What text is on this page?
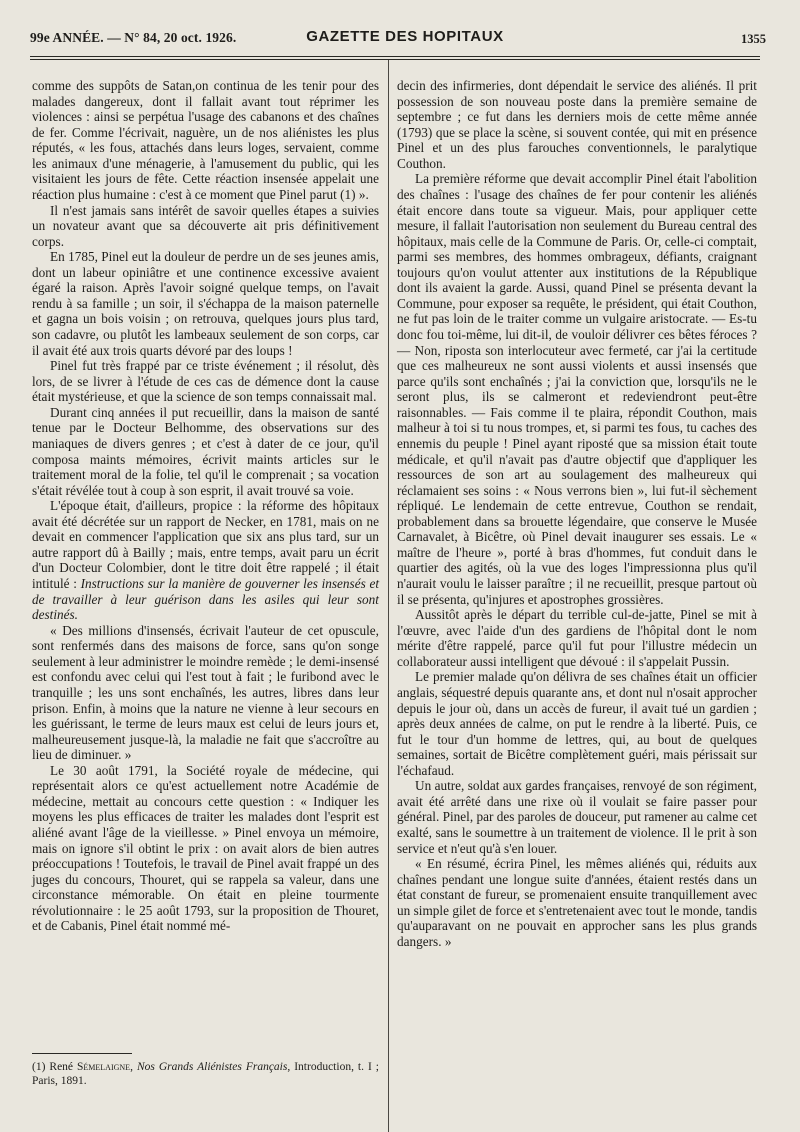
99e ANNÉE. — N° 84, 20 oct. 1926.	GAZETTE DES HOPITAUX	1355

comme des suppôts de Satan,on continua de les tenir pour des malades dangereux, dont il fallait avant tout réprimer les violences : ainsi se perpétua l'usage des cabanons et des chaînes de fer. Comme l'écrivait, naguère, un de nos aliénistes les plus réputés, « les fous, attachés dans leurs loges, servaient, comme les animaux d'une ménagerie, à l'amusement du public, qui les visitaient les jours de fête. Cette réaction insensée appelait une réaction plus humaine : c'est à ce moment que Pinel parut (1) ».

Il n'est jamais sans intérêt de savoir quelles étapes a suivies un novateur avant que sa découverte ait pris définitivement corps.

En 1785, Pinel eut la douleur de perdre un de ses jeunes amis, dont un labeur opiniâtre et une continence excessive avaient égaré la raison. Après l'avoir soigné quelque temps, on l'avait rendu à sa famille ; un soir, il s'échappa de la maison paternelle et gagna un bois voisin ; on retrouva, quelques jours plus tard, son cadavre, ou plutôt les lambeaux seulement de son corps, car il avait été aux trois quarts dévoré par des loups !

Pinel fut très frappé par ce triste événement ; il résolut, dès lors, de se livrer à l'étude de ces cas de démence dont la cause était mystérieuse, et que la science de son temps connaissait mal.

Durant cinq années il put recueillir, dans la maison de santé tenue par le Docteur Belhomme, des observations sur des maniaques de divers genres ; et c'est à dater de ce jour, qu'il composa maints mémoires, écrivit maints articles sur le traitement moral de la folie, tel qu'il le comprenait ; sa vocation s'était révélée tout à coup à son esprit, il avait trouvé sa voie.

L'époque était, d'ailleurs, propice : la réforme des hôpitaux avait été décrétée sur un rapport de Necker, en 1781, mais on ne devait en commencer l'application que six ans plus tard, sur un autre rapport dû à Bailly ; mais, entre temps, avait paru un écrit d'un Docteur Colombier, dont le titre doit être rappelé ; il était intitulé : Instructions sur la manière de gouverner les insensés et de travailler à leur guérison dans les asiles qui leur sont destinés.

« Des millions d'insensés, écrivait l'auteur de cet opuscule, sont renfermés dans des maisons de force, sans qu'on songe seulement à leur administrer le moindre remède ; le demi-insensé est confondu avec celui qui l'est tout à fait ; le furibond avec le tranquille ; les uns sont enchaînés, les autres, libres dans leur prison. Enfin, à moins que la nature ne vienne à leur secours en les guérissant, le terme de leurs maux est celui de leurs jours et, malheureusement jusque-là, la maladie ne fait que s'accroître au lieu de diminuer. »

Le 30 août 1791, la Société royale de médecine, qui représentait alors ce qu'est actuellement notre Académie de médecine, mettait au concours cette question : « Indiquer les moyens les plus efficaces de traiter les malades dont l'esprit est aliéné avant l'âge de la vieillesse. » Pinel envoya un mémoire, mais on ignore s'il obtint le prix : on avait alors de bien autres préoccupations ! Toutefois, le travail de Pinel avait frappé un des juges du concours, Thouret, qui se rappela sa valeur, dans une circonstance mémorable. On était en pleine tourmente révolutionnaire : le 25 août 1793, sur la proposition de Thouret, et de Cabanis, Pinel était nommé mé-

decin des infirmeries, dont dépendait le service des aliénés. Il prit possession de son nouveau poste dans la première semaine de septembre ; ce fut dans les derniers mois de cette même année (1793) que se place la scène, si souvent contée, qui mit en présence Pinel et un des plus farouches conventionnels, le paralytique Couthon.

La première réforme que devait accomplir Pinel était l'abolition des chaînes : l'usage des chaînes de fer pour contenir les aliénés était encore dans toute sa vigueur. Mais, pour appliquer cette mesure, il fallait l'autorisation non seulement du Bureau central des hôpitaux, mais celle de la Commune de Paris. Or, celle-ci comptait, parmi ses membres, des hommes ombrageux, défiants, craignant toujours qu'on voulut attenter aux institutions de la République dont ils avaient la garde. Aussi, quand Pinel se présenta devant la Commune, pour exposer sa requête, le président, qui était Couthon, ne fut pas loin de le traiter comme un vulgaire aristocrate. — Es-tu donc fou toi-même, lui dit-il, de vouloir délivrer ces bêtes féroces ? — Non, riposta son interlocuteur avec fermeté, car j'ai la certitude que ces malheureux ne sont aussi violents et aussi insensés que parce qu'ils sont enchaînés ; j'ai la conviction que, lorsqu'ils ne le seront plus, ils se calmeront et redeviendront peut-être raisonnables. — Fais comme il te plaira, répondit Couthon, mais malheur à toi si tu nous trompes, et, si parmi tes fous, tu caches des ennemis du peuple ! Pinel ayant riposté que sa mission était toute médicale, et qu'il n'avait pas d'autre objectif que d'appliquer les ressources de son art au soulagement des malheureux qui réclamaient ses soins : « Nous verrons bien », lui fut-il sèchement répliqué. Le lendemain de cette entrevue, Couthon se rendait, probablement dans sa brouette légendaire, que conserve le Musée Carnavalet, à Bicêtre, où Pinel devait inaugurer ses essais. Le « maître de l'heure », porté à bras d'hommes, fut conduit dans le quartier des agités, où la vue des loges l'impressionna plus qu'il n'aurait voulu le laisser paraître ; il ne recueillit, presque partout où il se présenta, qu'injures et apostrophes grossières.

Aussitôt après le départ du terrible cul-de-jatte, Pinel se mit à l'œuvre, avec l'aide d'un des gardiens de l'hôpital dont le nom mérite d'être rappelé, parce qu'il fut pour l'illustre médecin un collaborateur aussi intelligent que dévoué : il s'appelait Pussin.

Le premier malade qu'on délivra de ses chaînes était un officier anglais, séquestré depuis quarante ans, et dont nul n'osait approcher depuis le jour où, dans un accès de fureur, il avait tué un gardien ; après deux années de calme, on put le rendre à la liberté. Puis, ce fut le tour d'un homme de lettres, qui, au bout de quelques semaines, sortait de Bicêtre complètement guéri, mais périssait sur l'échafaud.

Un autre, soldat aux gardes françaises, renvoyé de son régiment, avait été arrêté dans une rixe où il voulait se faire passer pour général. Pinel, par des paroles de douceur, put ramener au calme cet exalté, sans le soumettre à un traitement de violence. Il le prit à son service et n'eut qu'à s'en louer.

« En résumé, écrira Pinel, les mêmes aliénés qui, réduits aux chaînes pendant une longue suite d'années, étaient restés dans un état constant de fureur, se promenaient ensuite tranquillement avec un simple gilet de force et s'entretenaient avec tout le monde, tandis qu'auparavant on ne pouvait en approcher sans les plus grands dangers. »

(1) René Sémelaigne, Nos Grands Aliénistes Français, Introduction, t. I ; Paris, 1891.
